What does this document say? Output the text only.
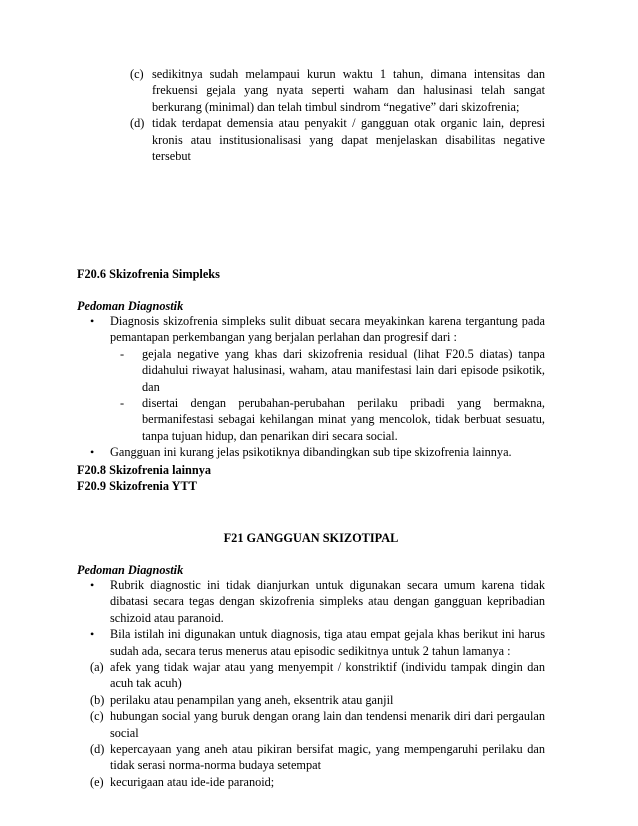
(c) sedikitnya sudah melampaui kurun waktu 1 tahun, dimana intensitas dan frekuensi gejala yang nyata seperti waham dan halusinasi telah sangat berkurang (minimal) dan telah timbul sindrom “negative” dari skizofrenia;
(d) tidak terdapat demensia atau penyakit / gangguan otak organic lain, depresi kronis atau institusionalisasi yang dapat menjelaskan disabilitas negative tersebut
F20.6 Skizofrenia Simpleks
Pedoman Diagnostik
• Diagnosis skizofrenia simpleks sulit dibuat secara meyakinkan karena tergantung pada pemantapan perkembangan yang berjalan perlahan dan progresif dari :
- gejala negative yang khas dari skizofrenia residual (lihat F20.5 diatas) tanpa didahului riwayat halusinasi, waham, atau manifestasi lain dari episode psikotik, dan
- disertai dengan perubahan-perubahan perilaku pribadi yang bermakna, bermanifestasi sebagai kehilangan minat yang mencolok, tidak berbuat sesuatu, tanpa tujuan hidup, dan penarikan diri secara social.
• Gangguan ini kurang jelas psikotiknya dibandingkan sub tipe skizofrenia lainnya.
F20.8 Skizofrenia lainnya
F20.9 Skizofrenia YTT
F21 GANGGUAN SKIZOTIPAL
Pedoman Diagnostik
• Rubrik diagnostic ini tidak dianjurkan untuk digunakan secara umum karena tidak dibatasi secara tegas dengan skizofrenia simpleks atau dengan gangguan kepribadian schizoid atau paranoid.
• Bila istilah ini digunakan untuk diagnosis, tiga atau empat gejala khas berikut ini harus sudah ada, secara terus menerus atau episodic sedikitnya untuk 2 tahun lamanya :
(a) afek yang tidak wajar atau yang menyempit / konstriktif (individu tampak dingin dan acuh tak acuh)
(b) perilaku atau penampilan yang aneh, eksentrik atau ganjil
(c) hubungan social yang buruk dengan orang lain dan tendensi menarik diri dari pergaulan social
(d) kepercayaan yang aneh atau pikiran bersifat magic, yang mempengaruhi perilaku dan tidak serasi norma-norma budaya setempat
(e) kecurigaan atau ide-ide paranoid;
